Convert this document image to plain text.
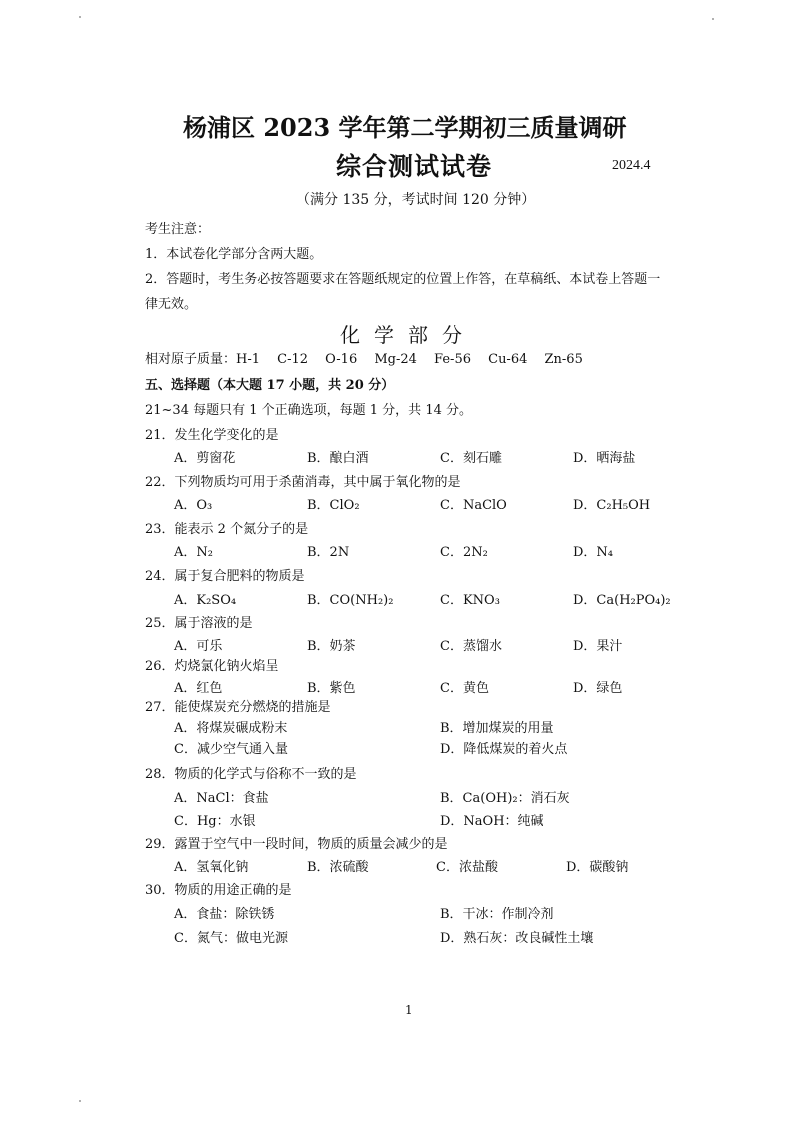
杨浦区 2023 学年第二学期初三质量调研
综合测试试卷	2024.4
（满分 135 分，考试时间 120 分钟）
考生注意：
1．本试卷化学部分含两大题。
2．答题时，考生务必按答题要求在答题纸规定的位置上作答，在草稿纸、本试卷上答题一
律无效。
化学部分
相对原子质量：H-1　 C-12　 O-16　 Mg-24　 Fe-56　 Cu-64　 Zn-65
五、选择题（本大题 17 小题，共 20 分）
21~34 每题只有 1 个正确选项，每题 1 分，共 14 分。
21．发生化学变化的是
A．剪窗花	B．酿白酒	C．刻石雕	D．晒海盐
22．下列物质均可用于杀菌消毒，其中属于氧化物的是
A．O₃	B．ClO₂	C．NaClO	D．C₂H₅OH
23．能表示 2 个氮分子的是
A．N₂	B．2N	C．2N₂	D．N₄
24．属于复合肥料的物质是
A．K₂SO₄	B．CO(NH₂)₂	C．KNO₃	D．Ca(H₂PO₄)₂
25．属于溶液的是
A．可乐	B．奶茶	C．蒸馏水	D．果汁
26．灼烧氯化钠火焰呈
A．红色	B．紫色	C．黄色	D．绿色
27．能使煤炭充分燃烧的措施是
A．将煤炭碾成粉末	B．增加煤炭的用量
C．减少空气通入量	D．降低煤炭的着火点
28．物质的化学式与俗称不一致的是
A．NaCl：食盐	B．Ca(OH)₂：消石灰
C．Hg：水银	D．NaOH：纯碱
29．露置于空气中一段时间，物质的质量会减少的是
A．氢氧化钠	B．浓硫酸	C．浓盐酸	D．碳酸钠
30．物质的用途正确的是
A．食盐：除铁锈	B．干冰：作制冷剂
C．氮气：做电光源	D．熟石灰：改良碱性土壤
1
